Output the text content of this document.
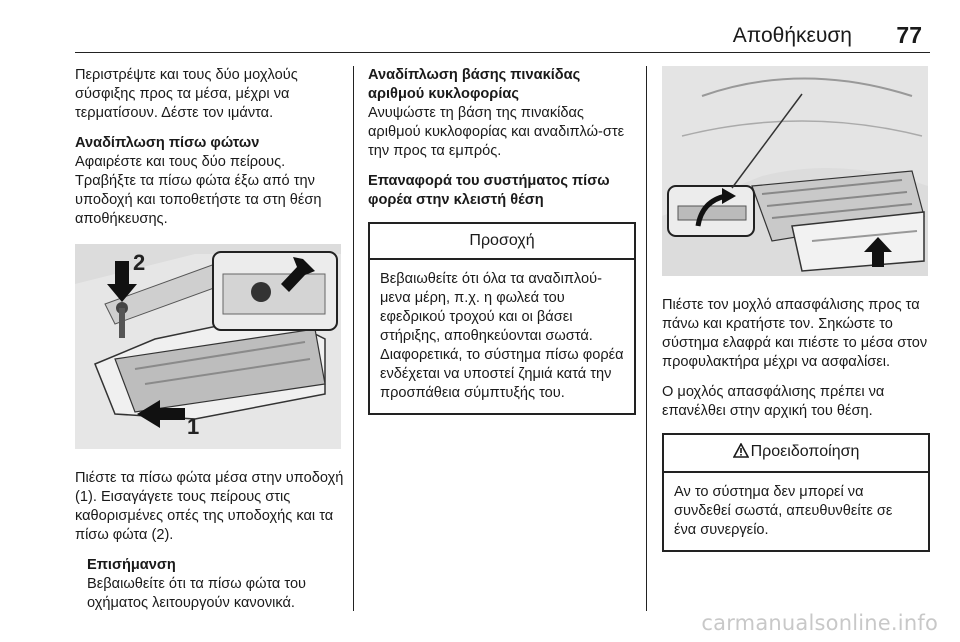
Αποθήκευση 77

Περιστρέψτε και τους δύο μοχλούς σύσφιξης προς τα μέσα, μέχρι να τερματίσουν. Δέστε τον ιμάντα.

Αναδίπλωση πίσω φώτων

Αφαιρέστε και τους δύο πείρους. Τραβήξτε τα πίσω φώτα έξω από την υποδοχή και τοποθετήστε τα στη θέση αποθήκευσης.

2
1

Πιέστε τα πίσω φώτα μέσα στην υποδοχή (1). Εισαγάγετε τους πείρους στις καθορισμένες οπές της υποδοχής και τα πίσω φώτα (2).

Επισήμανση

Βεβαιωθείτε ότι τα πίσω φώτα του οχήματος λειτουργούν κανονικά.

Αναδίπλωση βάσης πινακίδας αριθμού κυκλοφορίας

Ανυψώστε τη βάση της πινακίδας αριθμού κυκλοφορίας και αναδιπλώ-στε την προς τα εμπρός.

Επαναφορά του συστήματος πίσω φορέα στην κλειστή θέση
Προσοχή
Βεβαιωθείτε ότι όλα τα αναδιπλού-μενα μέρη, π.χ. η φωλεά του εφεδρικού τροχού και οι βάσει στήριξης, αποθηκεύονται σωστά. Διαφορετικά, το σύστημα πίσω φορέα ενδέχεται να υποστεί ζημιά κατά την προσπάθεια σύμπτυξής του.

Πιέστε τον μοχλό απασφάλισης προς τα πάνω και κρατήστε τον. Σηκώστε το σύστημα ελαφρά και πιέστε το μέσα στον προφυλακτήρα μέχρι να ασφαλίσει.

Ο μοχλός απασφάλισης πρέπει να επανέλθει στην αρχική του θέση.

Προειδοποίηση
Αν το σύστημα δεν μπορεί να συνδεθεί σωστά, απευθυνθείτε σε ένα συνεργείο.
carmanualsonline.info
